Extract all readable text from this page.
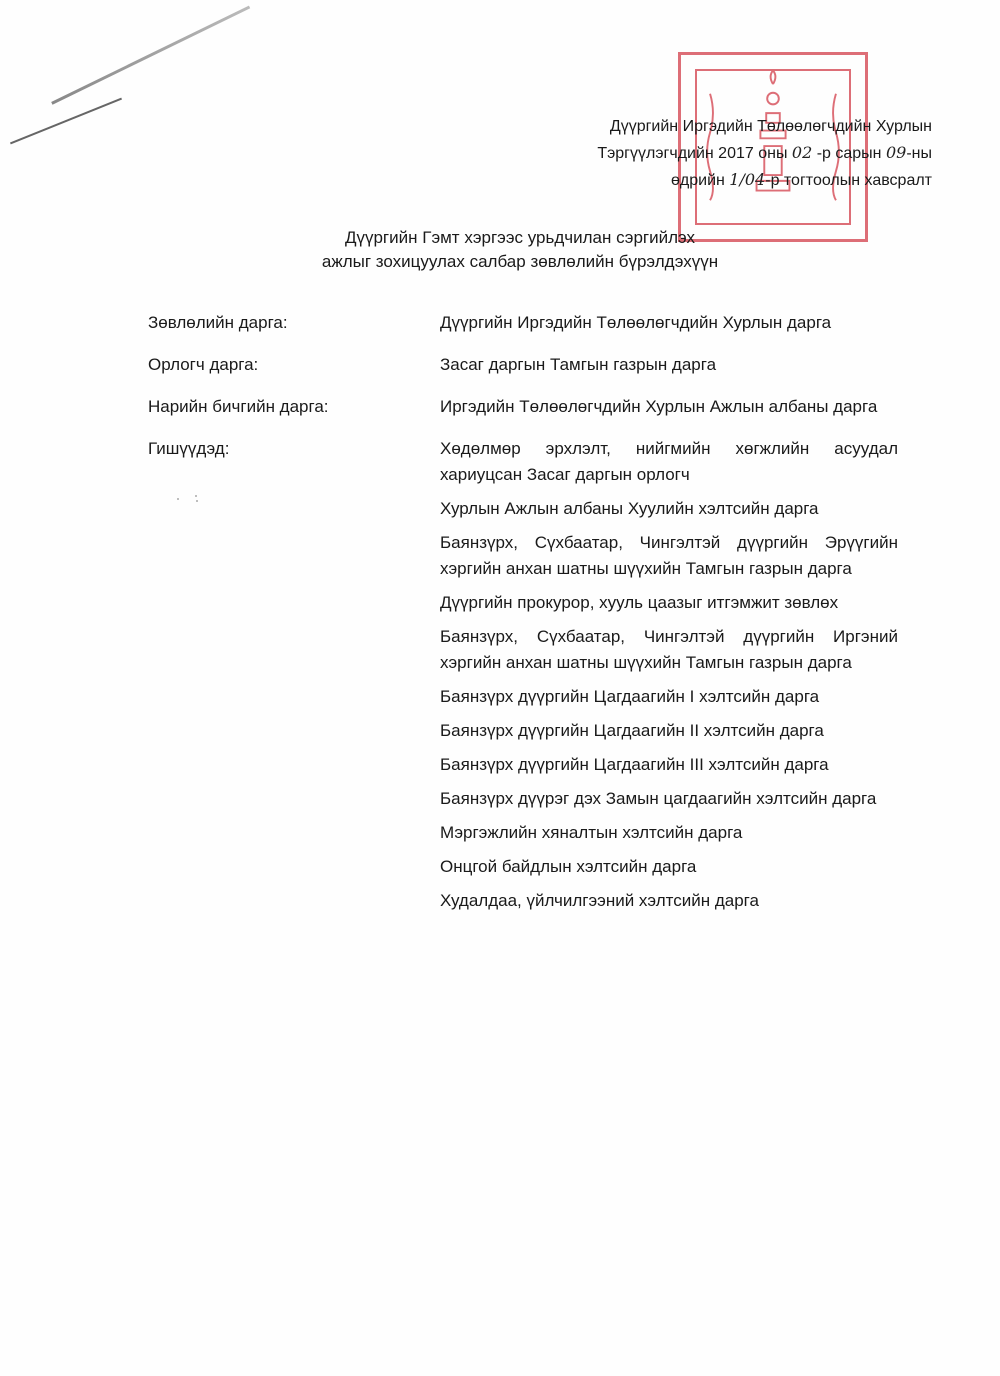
Дүүргийн Иргэдийн Төлөөлөгчдийн Хурлын
Тэргүүлэгчдийн 2017 оны 02 -р сарын 09-ны
өдрийн 1/04-р тогтоолын хавсралт
Дүүргийн Гэмт хэргээс урьдчилан сэргийлэх
ажлыг зохицуулах салбар зөвлөлийн бүрэлдэхүүн
Зөвлөлийн дарга:	Дүүргийн Иргэдийн Төлөөлөгчдийн Хурлын дарга
Орлогч дарга:	Засаг даргын Тамгын газрын дарга
Нарийн бичгийн дарга:	Иргэдийн Төлөөлөгчдийн Хурлын Ажлын албаны дарга
Гишүүдэд:	Хөдөлмөр эрхлэлт, нийгмийн хөгжлийн асуудал хариуцсан Засаг даргын орлогч
Хурлын Ажлын албаны Хуулийн хэлтсийн дарга
Баянзүрх, Сүхбаатар, Чингэлтэй дүүргийн Эрүүгийн хэргийн анхан шатны шүүхийн Тамгын газрын дарга
Дүүргийн прокурор, хууль цаазыг итгэмжит зөвлөх
Баянзүрх, Сүхбаатар, Чингэлтэй дүүргийн Иргэний хэргийн анхан шатны шүүхийн Тамгын газрын дарга
Баянзүрх дүүргийн Цагдаагийн I хэлтсийн дарга
Баянзүрх дүүргийн Цагдаагийн II хэлтсийн дарга
Баянзүрх дүүргийн Цагдаагийн III хэлтсийн дарга
Баянзүрх дүүрэг дэх Замын цагдаагийн хэлтсийн дарга
Мэргэжлийн хяналтын хэлтсийн дарга
Онцгой байдлын хэлтсийн дарга
Худалдаа, үйлчилгээний хэлтсийн дарга
